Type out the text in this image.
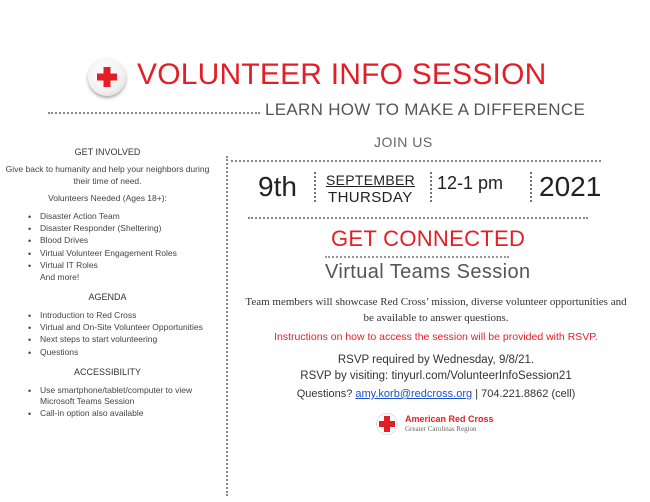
VOLUNTEER INFO SESSION
LEARN HOW TO MAKE A DIFFERENCE
JOIN US
GET INVOLVED

Give back to humanity and help your neighbors during their time of need.

Volunteers Needed (Ages 18+):

• Disaster Action Team
• Disaster Responder (Sheltering)
• Blood Drives
• Virtual Volunteer Engagement Roles
• Virtual IT Roles
And more!
AGENDA
• Introduction to Red Cross
• Virtual and On-Site Volunteer Opportunities
• Next steps to start volunteering
• Questions
ACCESSIBILITY
• Use smartphone/tablet/computer to view Microsoft Teams Session
• Call-in option also available
9th SEPTEMBER
THURSDAY
12-1 pm 2021
GET CONNECTED
Virtual Teams Session
Team members will showcase Red Cross’ mission, diverse volunteer opportunities and be available to answer questions.
Instructions on how to access the session will be provided with RSVP.
RSVP required by Wednesday, 9/8/21.
RSVP by visiting: tinyurl.com/VolunteerInfoSession21
Questions? amy.korb@redcross.org | 704.221.8862 (cell)
American Red Cross
Greater Carolinas Region
